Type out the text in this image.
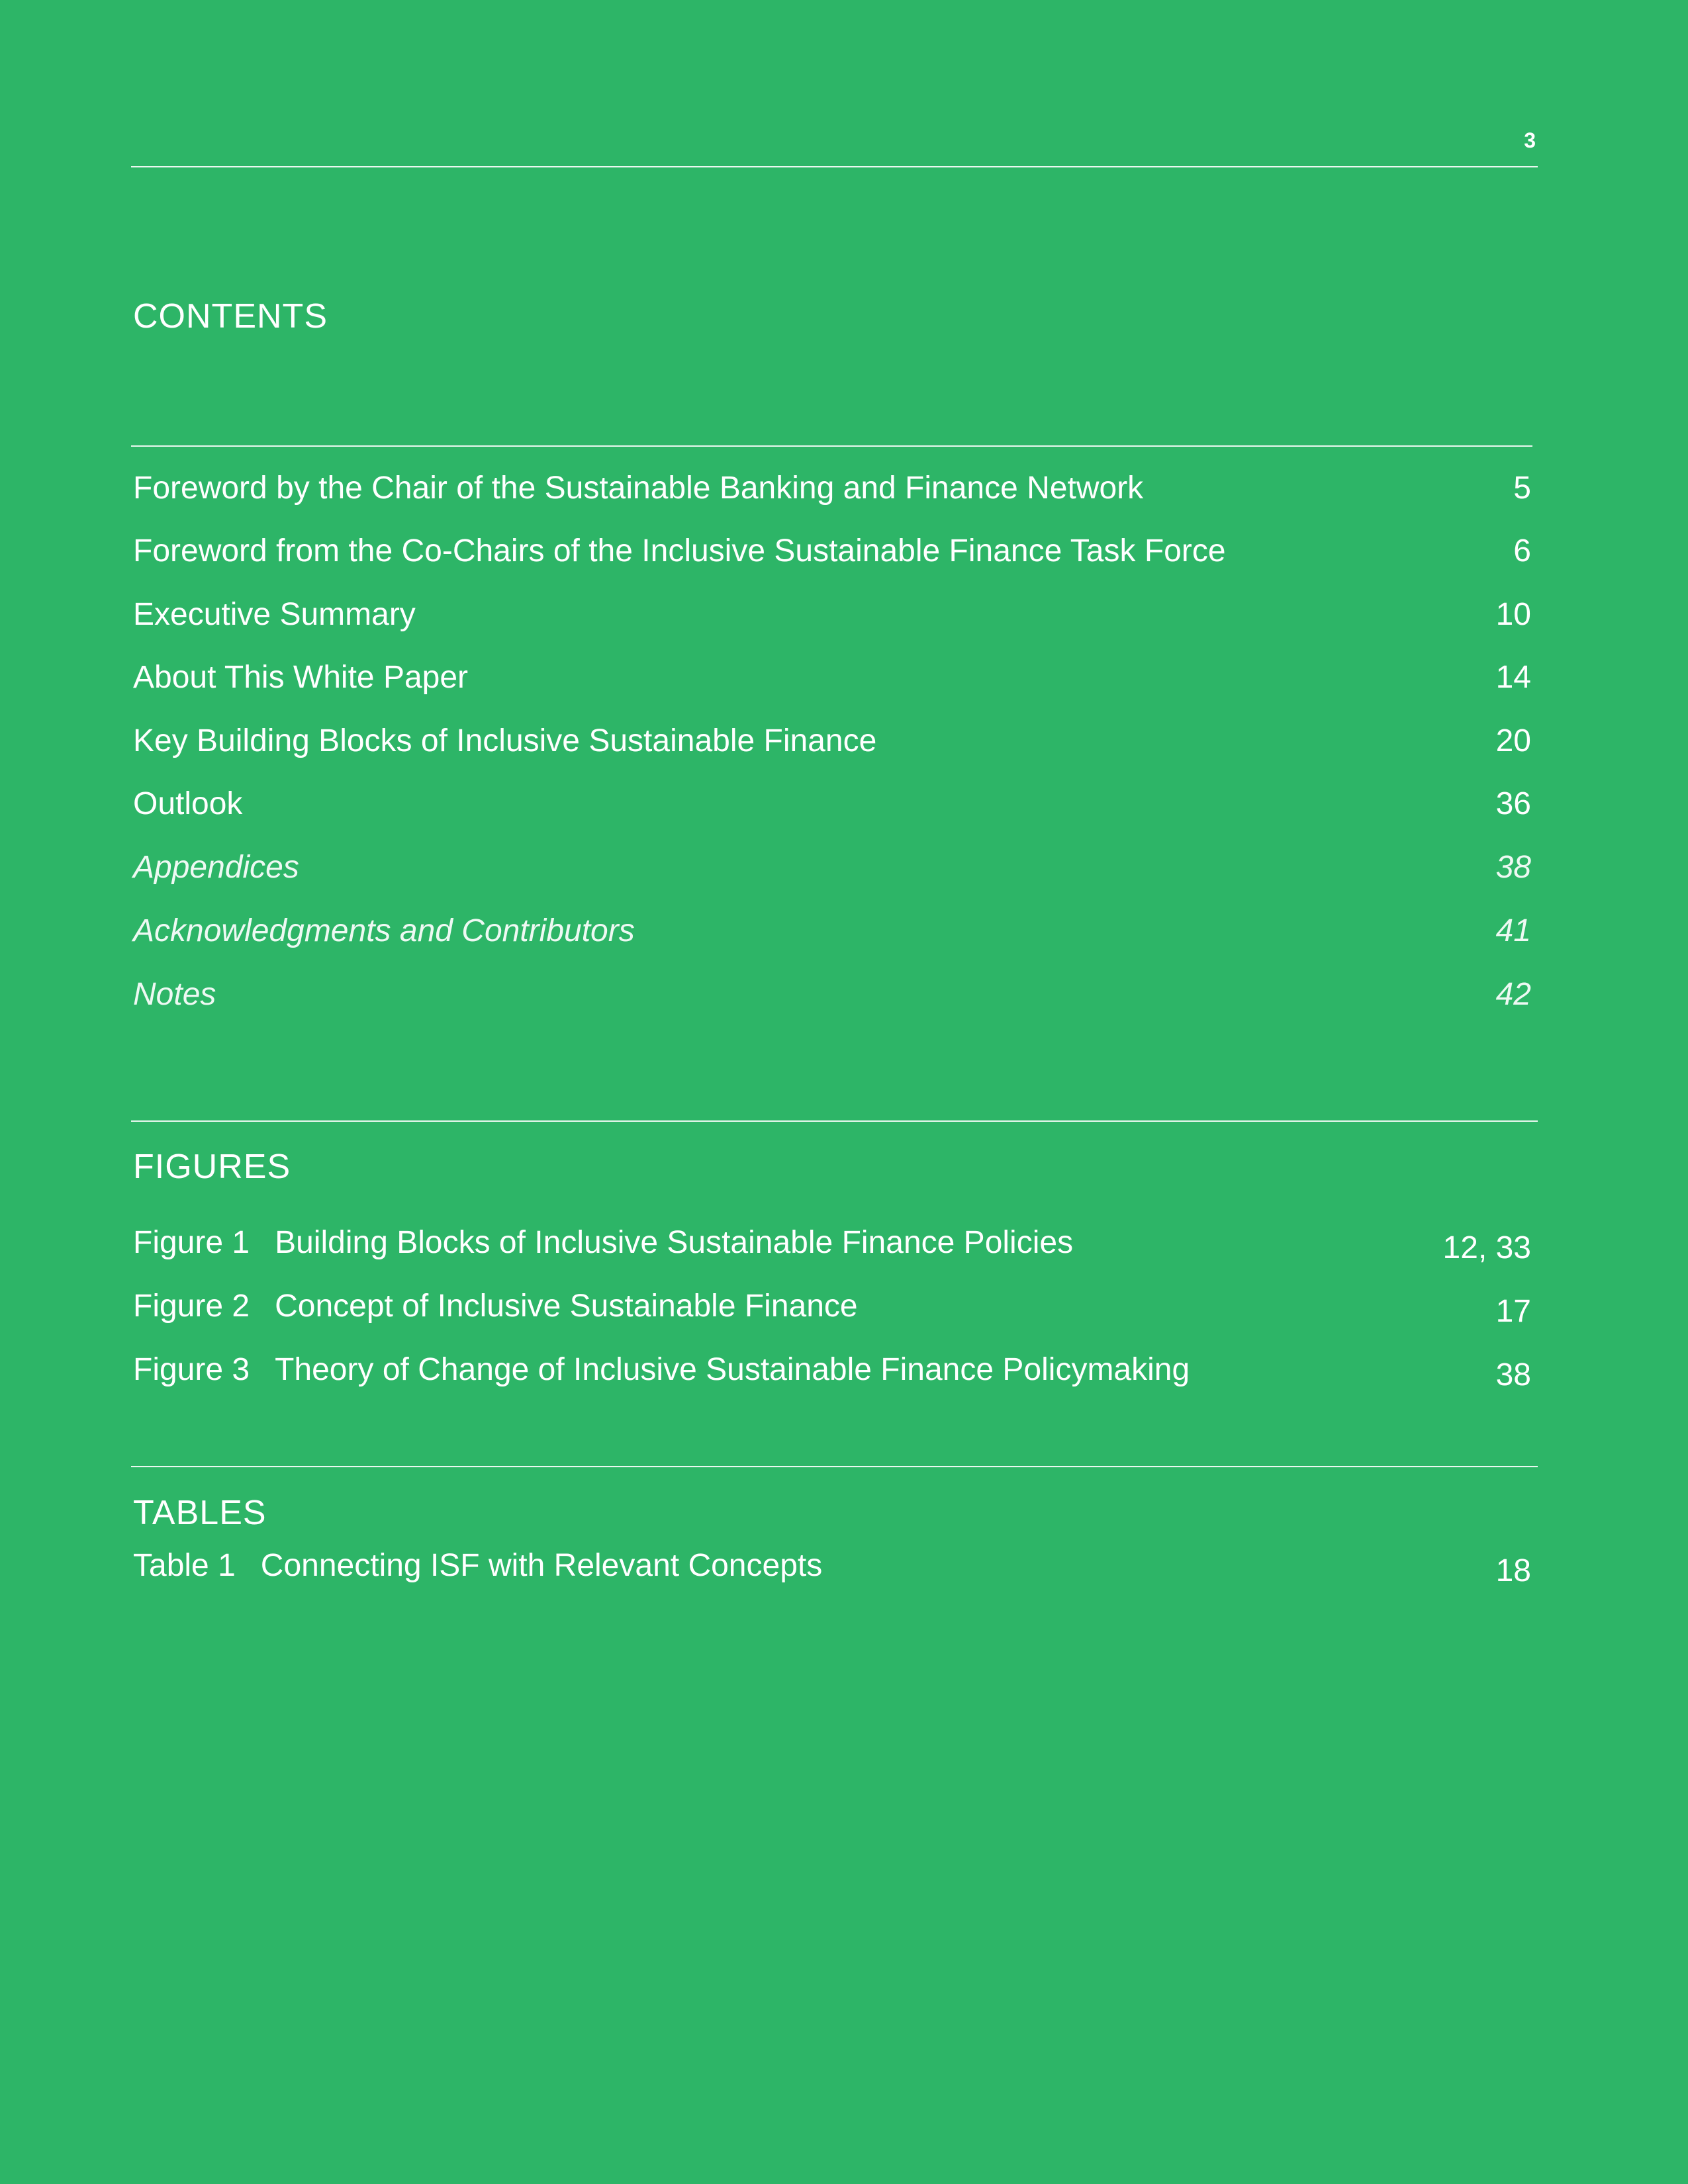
3
CONTENTS
Foreword by the Chair of the Sustainable Banking and Finance Network	5
Foreword from the Co-Chairs of the Inclusive Sustainable Finance Task Force	6
Executive Summary	10
About This White Paper	14
Key Building Blocks of Inclusive Sustainable Finance	20
Outlook	36
Appendices	38
Acknowledgments and Contributors	41
Notes	42
FIGURES
Figure 1 Building Blocks of Inclusive Sustainable Finance Policies	12, 33
Figure 2 Concept of Inclusive Sustainable Finance	17
Figure 3 Theory of Change of Inclusive Sustainable Finance Policymaking	38
TABLES
Table 1 Connecting ISF with Relevant Concepts	18
